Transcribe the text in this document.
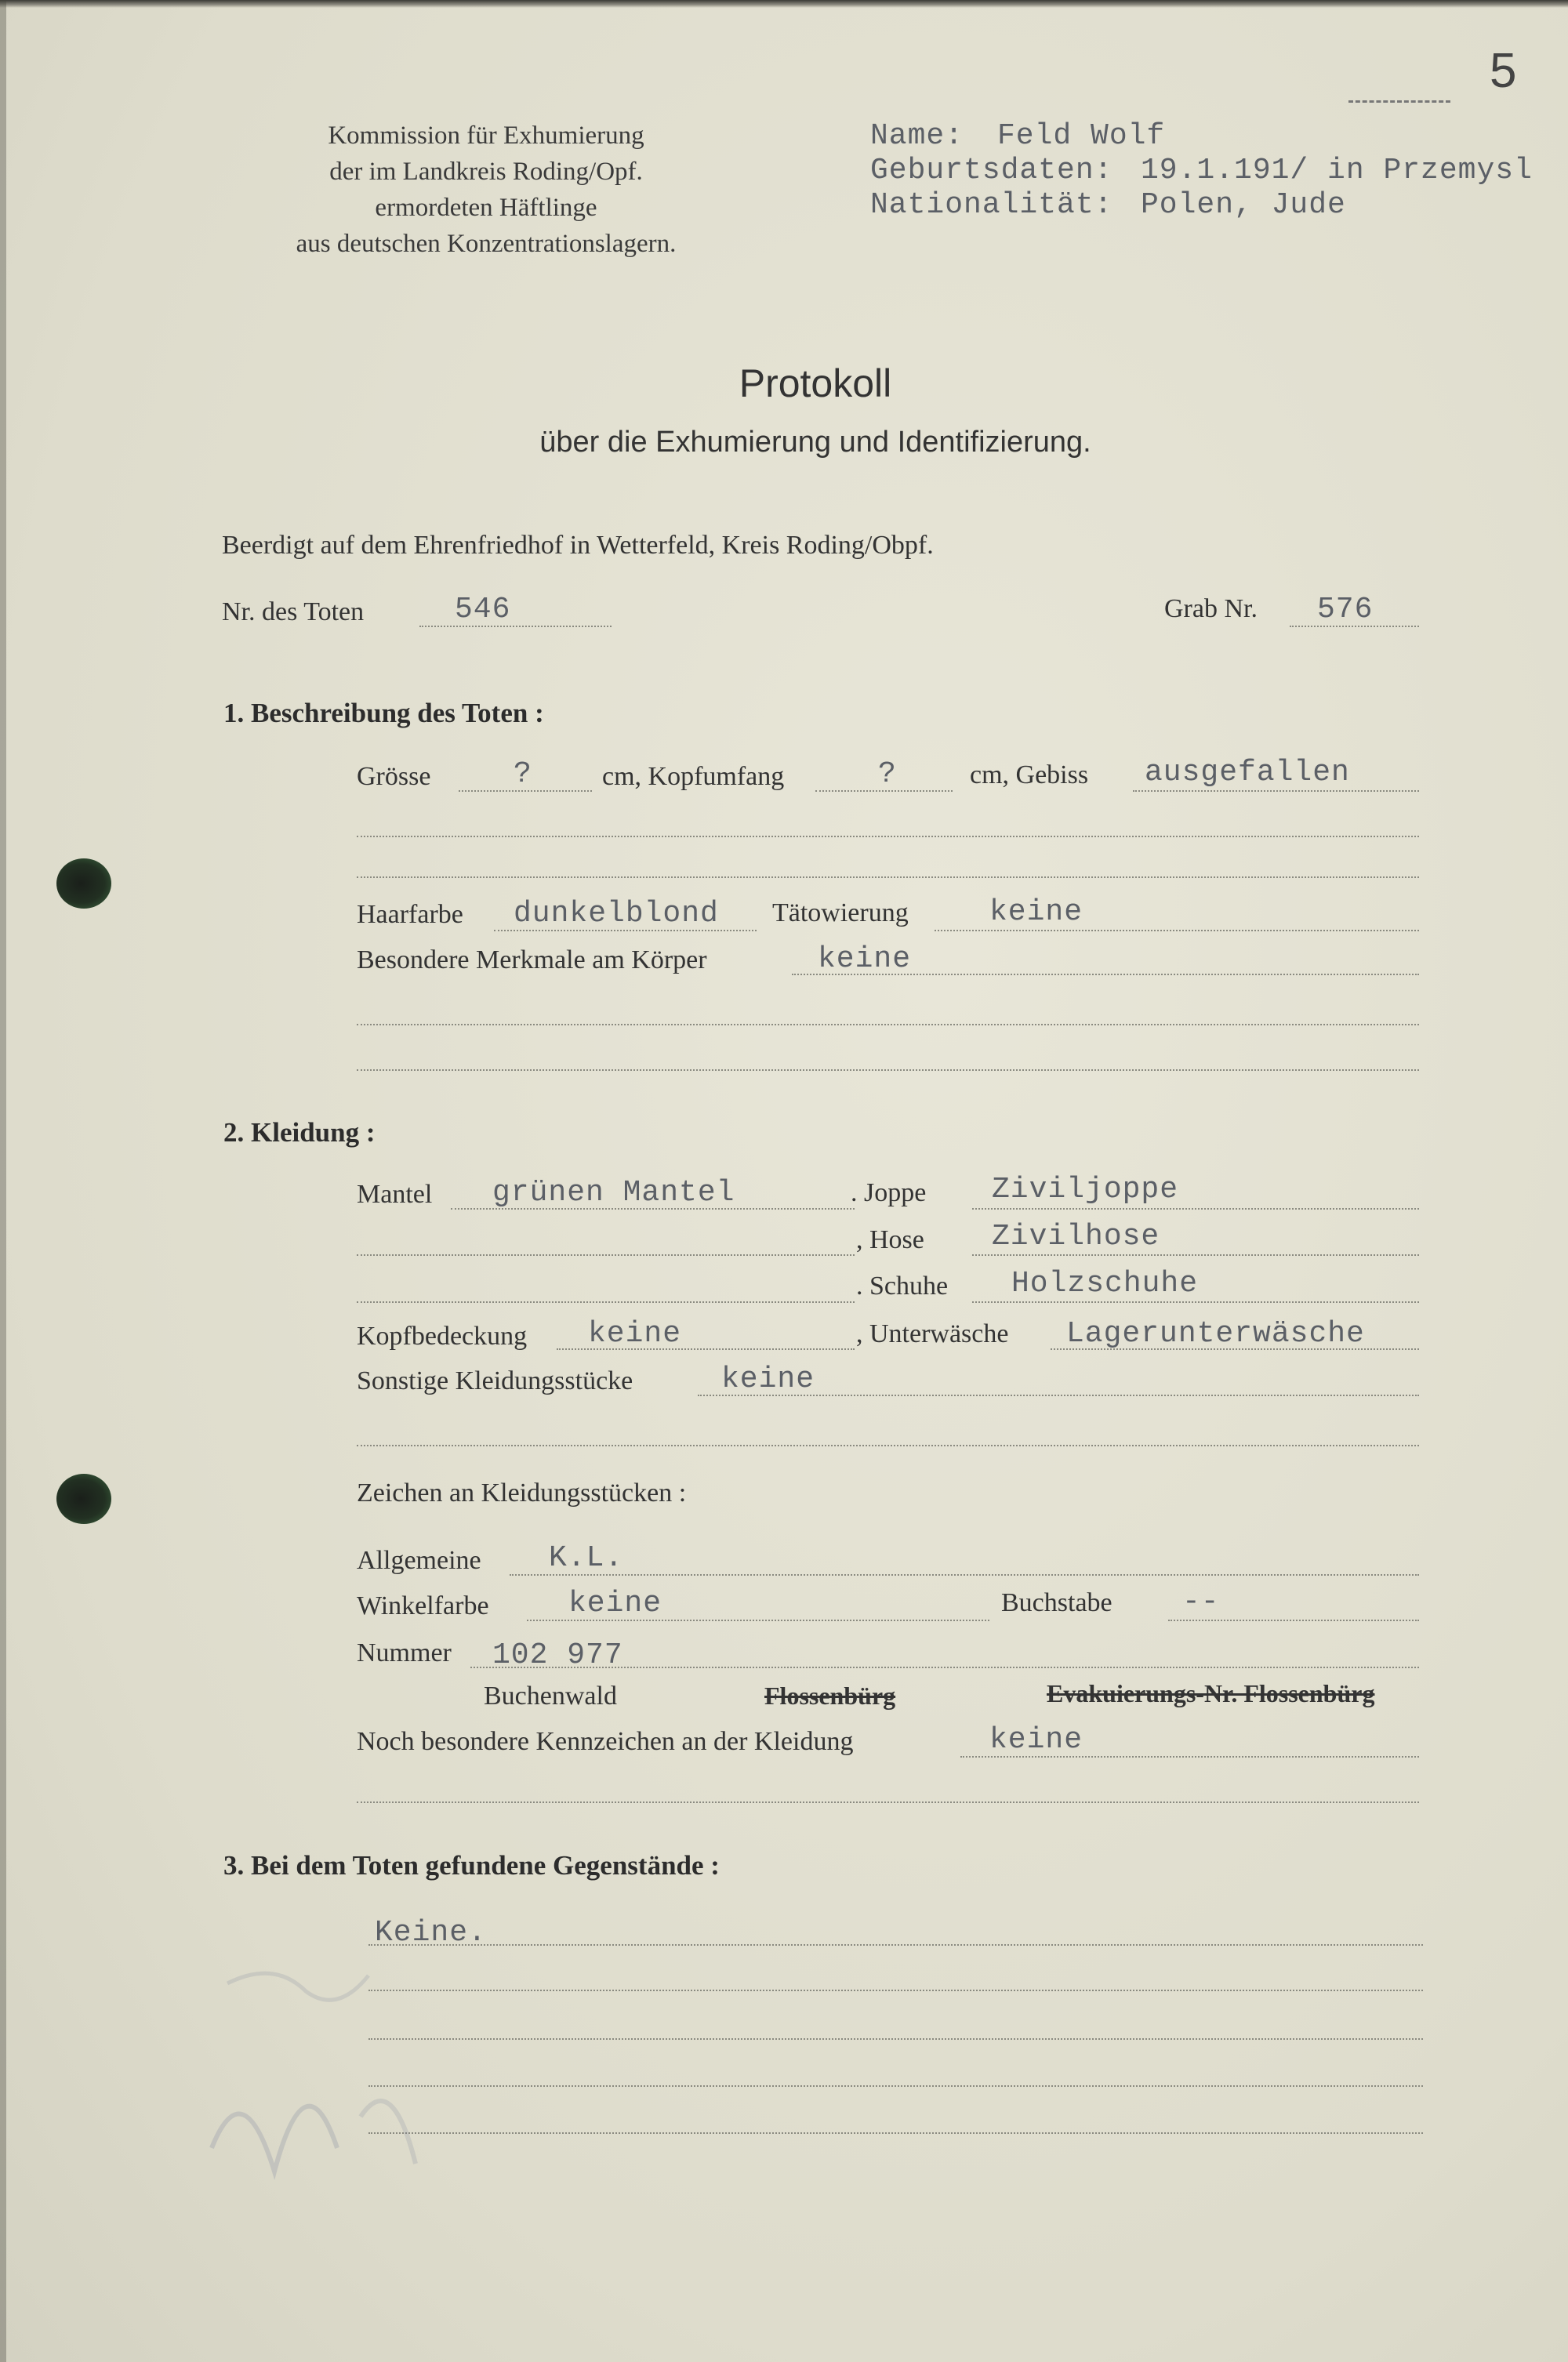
5
Kommission für Exhumierung
der im Landkreis Roding/Opf.
ermordeten Häftlinge
aus deutschen Konzentrationslagern.
Name: Feld Wolf
Geburtsdaten: 19.1.191/ in Przemysl
Nationalität: Polen, Jude
Protokoll
über die Exhumierung und Identifizierung.
Beerdigt auf dem Ehrenfriedhof in Wetterfeld, Kreis Roding/Obpf.
Nr. des Toten	546	Grab Nr. 576
1. Beschreibung des Toten :
Grösse	?	cm, Kopfumfang	?	cm, Gebiss ausgefallen
Haarfarbe dunkelblond Tätowierung	keine
Besondere Merkmale am Körper	keine
2. Kleidung :
Mantel grünen Mantel	. Joppe Ziviljoppe
, Hose Zivilhose
. Schuhe Holzschuhe
Kopfbedeckung keine	, Unterwäsche Lagerunterwäsche
Sonstige Kleidungsstücke	keine
Zeichen an Kleidungsstücken :
Allgemeine K.L.
Winkelfarbe	keine	Buchstabe --
Nummer 102 977
Buchenwald	Flossenbürg	Evakuierungs-Nr. Flossenbürg
Noch besondere Kennzeichen an der Kleidung	keine
3. Bei dem Toten gefundene Gegenstände :
Keine.
